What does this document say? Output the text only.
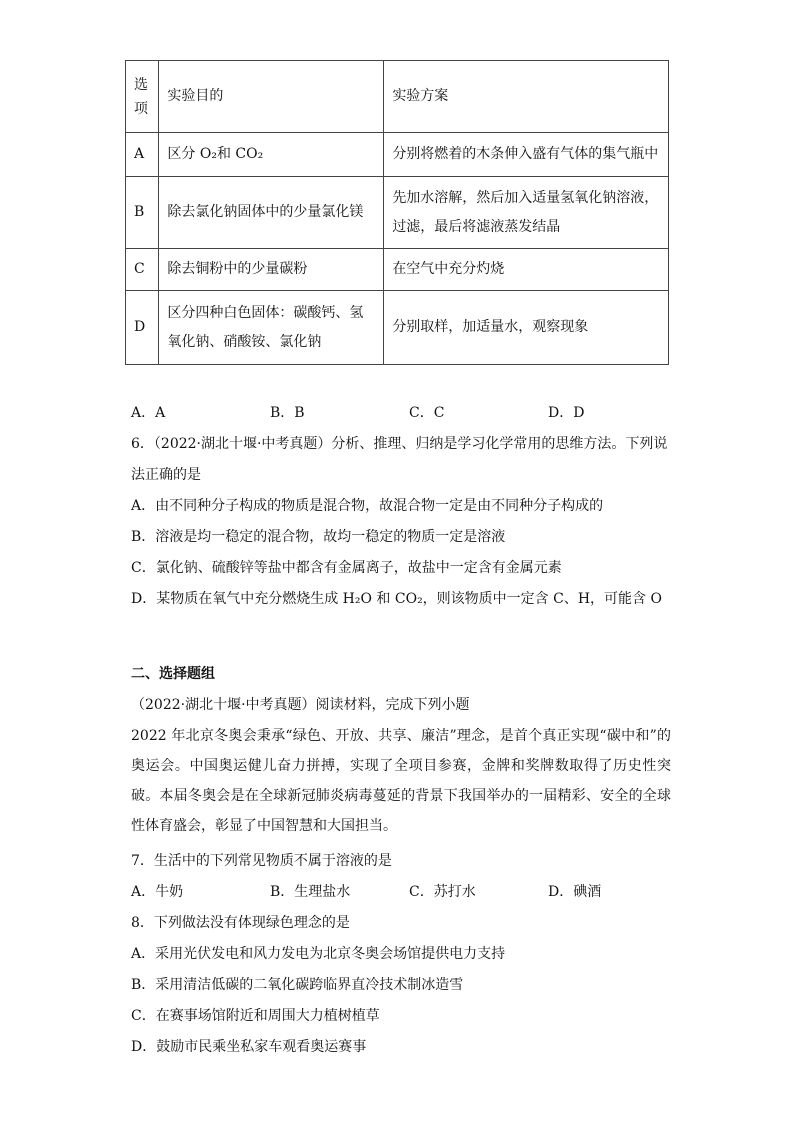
选
项	实验目的	实验方案
A	区分 O₂和 CO₂	分别将燃着的木条伸入盛有气体的集气瓶中
B	除去氯化钠固体中的少量氯化镁	先加水溶解，然后加入适量氢氧化钠溶液，过滤，最后将滤液蒸发结晶
C	除去铜粉中的少量碳粉	在空气中充分灼烧
D	区分四种白色固体：碳酸钙、氢氧化钠、硝酸铵、氯化钠	分别取样，加适量水，观察现象
A．A	B．B	C．C	D．D
6．（2022·湖北十堰·中考真题）分析、推理、归纳是学习化学常用的思维方法。下列说
法正确的是
A．由不同种分子构成的物质是混合物，故混合物一定是由不同种分子构成的
B．溶液是均一稳定的混合物，故均一稳定的物质一定是溶液
C．氯化钠、硫酸锌等盐中都含有金属离子，故盐中一定含有金属元素
D．某物质在氧气中充分燃烧生成 H₂O 和 CO₂，则该物质中一定含 C、H，可能含 O
二、选择题组
（2022·湖北十堰·中考真题）阅读材料，完成下列小题
2022 年北京冬奥会秉承“绿色、开放、共享、廉洁”理念，是首个真正实现“碳中和”的奥运会。中国奥运健儿奋力拼搏，实现了全项目参赛，金牌和奖牌数取得了历史性突破。本届冬奥会是在全球新冠肺炎病毒蔓延的背景下我国举办的一届精彩、安全的全球性体育盛会，彰显了中国智慧和大国担当。
7．生活中的下列常见物质不属于溶液的是
A．牛奶	B．生理盐水	C．苏打水	D．碘酒
8．下列做法没有体现绿色理念的是
A．采用光伏发电和风力发电为北京冬奥会场馆提供电力支持
B．采用清洁低碳的二氧化碳跨临界直冷技术制冰造雪
C．在赛事场馆附近和周围大力植树植草
D．鼓励市民乘坐私家车观看奥运赛事
